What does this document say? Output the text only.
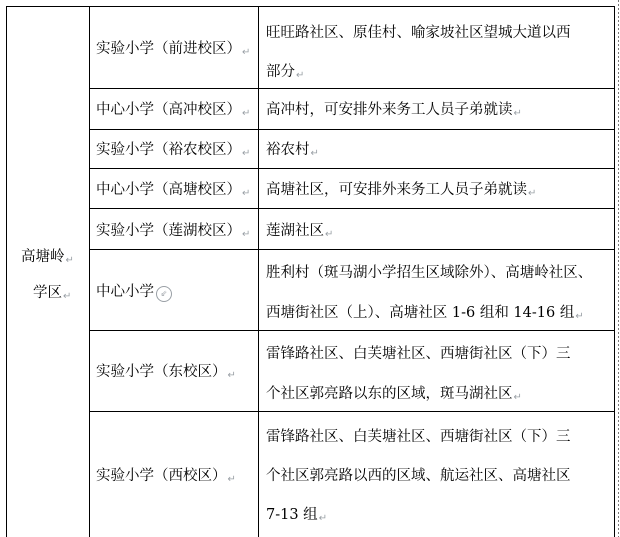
高塘岭↵
学区↵
实验小学（前进校区）↵
旺旺路社区、原佳村、喻家坡社区望城大道以西
部分↵
中心小学（高冲校区）↵ 高冲村，可安排外来务工人员子弟就读↵
实验小学（裕农校区）↵ 裕农村↵
中心小学（高塘校区）↵ 高塘社区，可安排外来务工人员子弟就读↵
实验小学（莲湖校区）↵ 莲湖社区↵
中心小学 ⇙
胜利村（斑马湖小学招生区域除外）、高塘岭社区、
西塘街社区（上）、高塘社区 1-6 组和 14-16 组↵
实验小学（东校区）↵
雷锋路社区、白芙塘社区、西塘街社区（下）三
个社区郭亮路以东的区域，斑马湖社区↵
实验小学（西校区）↵
雷锋路社区、白芙塘社区、西塘街社区（下）三
个社区郭亮路以西的区域、航运社区、高塘社区
7-13 组↵
